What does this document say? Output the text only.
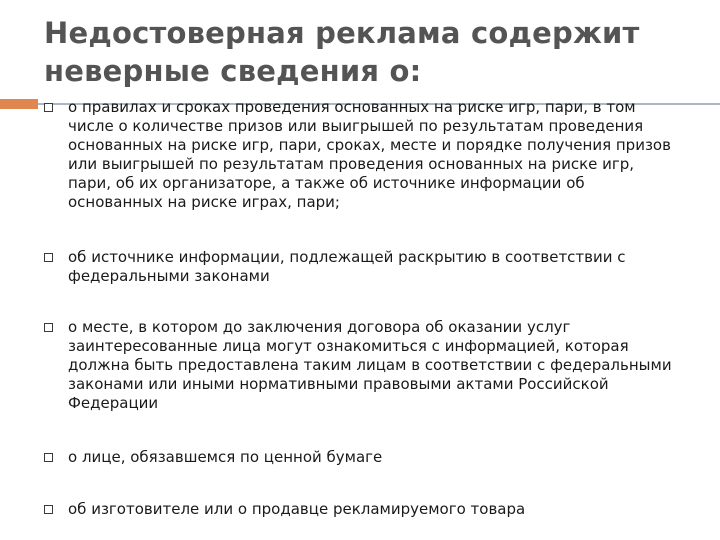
Недостоверная реклама содержит неверные сведения о:
о правилах и сроках проведения основанных на риске игр, пари, в том числе о количестве призов или выигрышей по результатам проведения основанных на риске игр, пари, сроках, месте и порядке получения призов или выигрышей по результатам проведения основанных на риске игр, пари, об их организаторе, а также об источнике информации об основанных на риске играх, пари;
об источнике информации, подлежащей раскрытию в соответствии с федеральными законами
о месте, в котором до заключения договора об оказании услуг заинтересованные лица могут ознакомиться с информацией, которая должна быть предоставлена таким лицам в соответствии с федеральными законами или иными нормативными правовыми актами Российской Федерации
о лице, обязавшемся по ценной бумаге
об изготовителе или о продавце рекламируемого товара
